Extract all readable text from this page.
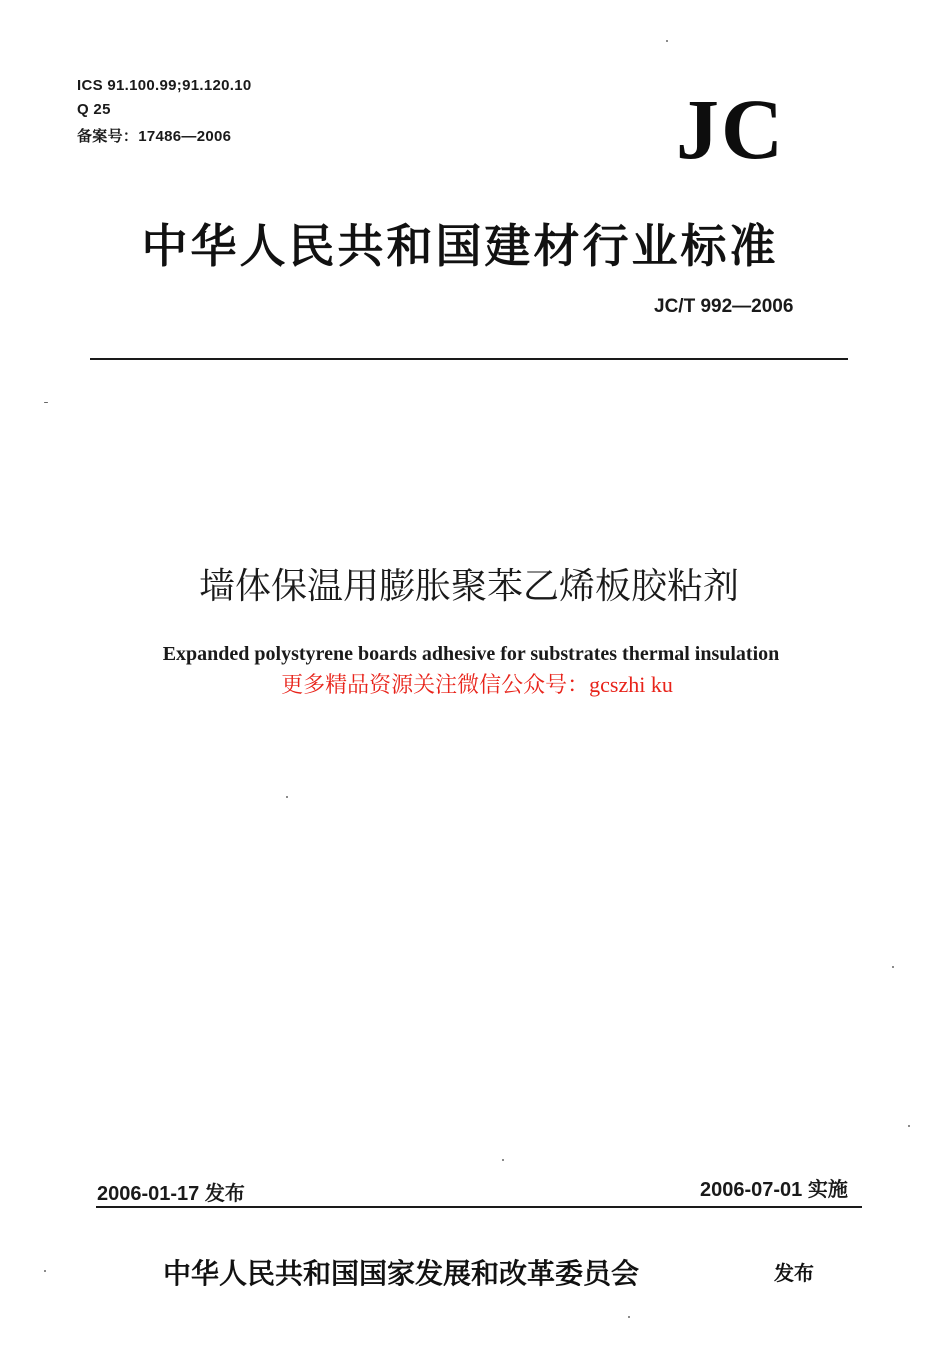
ICS 91.100.99;91.120.10
Q 25
备案号：17486—2006	JC
中华人民共和国建材行业标准
JC/T 992—2006
墙体保温用膨胀聚苯乙烯板胶粘剂
Expanded polystyrene boards adhesive for substrates thermal insulation
更多精品资源关注微信公众号：gcszhi ku
2006-01-17 发布	2006-07-01 实施
中华人民共和国国家发展和改革委员会	发布
